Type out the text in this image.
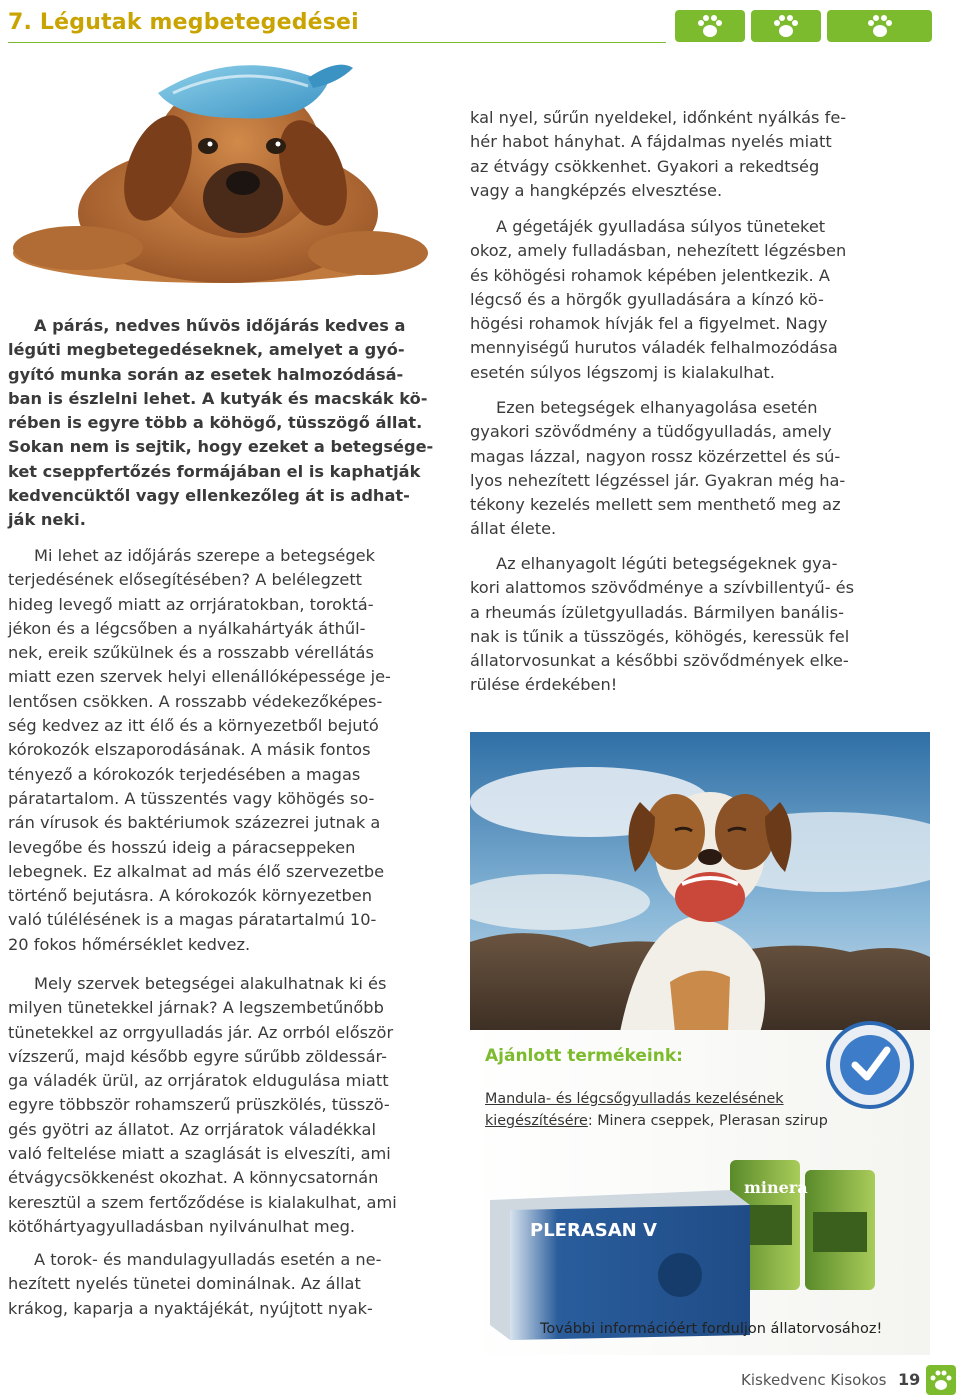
7. Légutak megbetegedései
A párás, nedves hűvös időjárás kedves a
légúti megbetegedéseknek, amelyet a gyó-
gyító munka során az esetek halmozódásá-
ban is észlelni lehet. A kutyák és macskák kö-
rében is egyre több a köhögő, tüsszögő állat.
Sokan nem is sejtik, hogy ezeket a betegsége-
ket cseppfertőzés formájában el is kaphatják
kedvencüktől vagy ellenkezőleg át is adhat-
ják neki.
Mi lehet az időjárás szerepe a betegségek
terjedésének elősegítésében? A belélegzett
hideg levegő miatt az orrjáratokban, toroktá-
jékon és a légcsőben a nyálkahártyák áthűl-
nek, ereik szűkülnek és a rosszabb vérellátás
miatt ezen szervek helyi ellenállóképessége je-
lentősen csökken. A rosszabb védekezőképes-
ség kedvez az itt élő és a környezetből bejutó
kórokozók elszaporodásának. A másik fontos
tényező a kórokozók terjedésében a magas
páratartalom. A tüsszentés vagy köhögés so-
rán vírusok és baktériumok százezrei jutnak a
levegőbe és hosszú ideig a páracseppeken
lebegnek. Ez alkalmat ad más élő szervezetbe
történő bejutásra. A kórokozók környezetben
való túlélésének is a magas páratartalmú 10-
20 fokos hőmérséklet kedvez.
Mely szervek betegségei alakulhatnak ki és
milyen tünetekkel járnak? A legszembetűnőbb
tünetekkel az orrgyulladás jár. Az orrból először
vízszerű, majd később egyre sűrűbb zöldessár-
ga váladék ürül, az orrjáratok eldugulása miatt
egyre többször rohamszerű prüszkölés, tüsszö-
gés gyötri az állatot. Az orrjáratok váladékkal
való feltelése miatt a szaglását is elveszíti, ami
étvágycsökkenést okozhat. A könnycsatornán
keresztül a szem fertőződése is kialakulhat, ami
kötőhártyagyulladásban nyilvánulhat meg.
A torok- és mandulagyulladás esetén a ne-
hezített nyelés tünetei dominálnak. Az állat
krákog, kaparja a nyaktájékát, nyújtott nyak-
kal nyel, sűrűn nyeldekel, időnként nyálkás fe-
hér habot hányhat. A fájdalmas nyelés miatt
az étvágy csökkenhet. Gyakori a rekedtség
vagy a hangképzés elvesztése.
A gégetájék gyulladása súlyos tüneteket
okoz, amely fulladásban, nehezített légzésben
és köhögési rohamok képében jelentkezik. A
légcső és a hörgők gyulladására a kínzó kö-
högési rohamok hívják fel a figyelmet. Nagy
mennyiségű hurutos váladék felhalmozódása
esetén súlyos légszomj is kialakulhat.
Ezen betegségek elhanyagolása esetén
gyakori szövődmény a tüdőgyulladás, amely
magas lázzal, nagyon rossz közérzettel és sú-
lyos nehezített légzéssel jár. Gyakran még ha-
tékony kezelés mellett sem menthető meg az
állat élete.
Az elhanyagolt légúti betegségeknek gya-
kori alattomos szövődménye a szívbillentyű- és
a rheumás ízületgyulladás. Bármilyen banális-
nak is tűnik a tüsszögés, köhögés, keressük fel
állatorvosunkat a későbbi szövődmények elke-
rülése érdekében!
Ajánlott termékeink:
Mandula- és légcsőgyulladás kezelésének
kiegészítésére: Minera cseppek, Plerasan szirup
PLERASAN V
minera
További információért forduljon állatorvosához!
Kiskedvenc Kisokos 19
